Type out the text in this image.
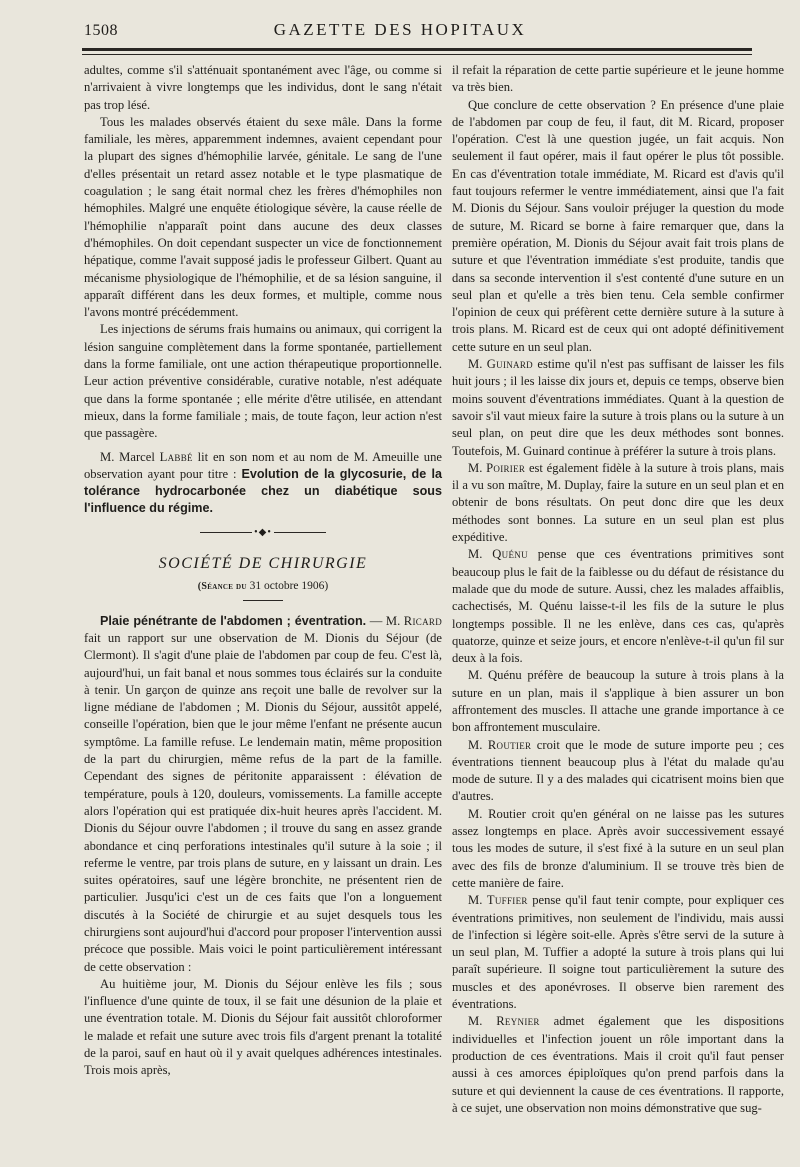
1508	GAZETTE DES HOPITAUX

adultes, comme s'il s'atténuait spontanément avec l'âge, ou comme si n'arrivaient à vivre longtemps que les individus, dont le sang n'était pas trop lésé.

Tous les malades observés étaient du sexe mâle. Dans la forme familiale, les mères, apparemment indemnes, avaient cependant pour la plupart des signes d'hémophilie larvée, génitale. Le sang de l'une d'elles présentait un retard assez notable et le type plasmatique de coagulation ; le sang était normal chez les frères d'hémophiles non hémophiles. Malgré une enquête étiologique sévère, la cause réelle de l'hémophilie n'apparaît point dans aucune des deux classes d'hémophiles. On doit cependant suspecter un vice de fonctionnement hépatique, comme l'avait supposé jadis le professeur Gilbert. Quant au mécanisme physiologique de l'hémophilie, et de sa lésion sanguine, il apparaît différent dans les deux formes, et multiple, comme nous l'avons montré précédemment.

Les injections de sérums frais humains ou animaux, qui corrigent la lésion sanguine complètement dans la forme spontanée, partiellement dans la forme familiale, ont une action thérapeutique proportionnelle. Leur action préventive considérable, curative notable, n'est adéquate que dans la forme spontanée ; elle mérite d'être utilisée, en attendant mieux, dans la forme familiale ; mais, de toute façon, leur action n'est que passagère.

M. Marcel Labbé lit en son nom et au nom de M. Ameuille une observation ayant pour titre : Evolution de la glycosurie, de la tolérance hydrocarbonée chez un diabétique sous l'influence du régime.

•◆•
SOCIÉTÉ DE CHIRURGIE
(Séance du 31 octobre 1906)

Plaie pénétrante de l'abdomen ; éventration. — M. Ricard fait un rapport sur une observation de M. Dionis du Séjour (de Clermont). Il s'agit d'une plaie de l'abdomen par coup de feu. C'est là, aujourd'hui, un fait banal et nous sommes tous éclairés sur la conduite à tenir. Un garçon de quinze ans reçoit une balle de revolver sur la ligne médiane de l'abdomen ; M. Dionis du Séjour, aussitôt appelé, conseille l'opération, bien que le jour même l'enfant ne présente aucun symptôme. La famille refuse. Le lendemain matin, même proposition de la part du chirurgien, même refus de la part de la famille. Cependant des signes de péritonite apparaissent : élévation de température, pouls à 120, douleurs, vomissements. La famille accepte alors l'opération qui est pratiquée dix-huit heures après l'accident. M. Dionis du Séjour ouvre l'abdomen ; il trouve du sang en assez grande abondance et cinq perforations intestinales qu'il suture à la soie ; il referme le ventre, par trois plans de suture, en y laissant un drain. Les suites opératoires, sauf une légère bronchite, ne présentent rien de particulier. Jusqu'ici c'est un de ces faits que l'on a longuement discutés à la Société de chirurgie et au sujet desquels tous les chirurgiens sont aujourd'hui d'accord pour proposer l'intervention aussi précoce que possible. Mais voici le point particulièrement intéressant de cette observation :

Au huitième jour, M. Dionis du Séjour enlève les fils ; sous l'influence d'une quinte de toux, il se fait une désunion de la plaie et une éventration totale. M. Dionis du Séjour fait aussitôt chloroformer le malade et refait une suture avec trois fils d'argent prenant la totalité de la paroi, sauf en haut où il y avait quelques adhérences intestinales. Trois mois après,

il refait la réparation de cette partie supérieure et le jeune homme va très bien.

Que conclure de cette observation ? En présence d'une plaie de l'abdomen par coup de feu, il faut, dit M. Ricard, proposer l'opération. C'est là une question jugée, un fait acquis. Non seulement il faut opérer, mais il faut opérer le plus tôt possible. En cas d'éventration totale immédiate, M. Ricard est d'avis qu'il faut toujours refermer le ventre immédiatement, ainsi que l'a fait M. Dionis du Séjour. Sans vouloir préjuger la question du mode de suture, M. Ricard se borne à faire remarquer que, dans la première opération, M. Dionis du Séjour avait fait trois plans de suture et que l'éventration immédiate s'est produite, tandis que dans sa seconde intervention il s'est contenté d'une suture en un seul plan et qu'elle a très bien tenu. Cela semble confirmer l'opinion de ceux qui préfèrent cette dernière suture à la suture à trois plans. M. Ricard est de ceux qui ont adopté définitivement cette suture en un seul plan.

M. Guinard estime qu'il n'est pas suffisant de laisser les fils huit jours ; il les laisse dix jours et, depuis ce temps, observe bien moins souvent d'éventrations immédiates. Quant à la question de savoir s'il vaut mieux faire la suture à trois plans ou la suture à un seul plan, on peut dire que les deux méthodes sont bonnes. Toutefois, M. Guinard continue à préférer la suture à trois plans.

M. Poirier est également fidèle à la suture à trois plans, mais il a vu son maître, M. Duplay, faire la suture en un seul plan et en obtenir de bons résultats. On peut donc dire que les deux méthodes sont bonnes. La suture en un seul plan est plus expéditive.

M. Quénu pense que ces éventrations primitives sont beaucoup plus le fait de la faiblesse ou du défaut de résistance du malade que du mode de suture. Aussi, chez les malades affaiblis, cachectisés, M. Quénu laisse-t-il les fils de la suture le plus longtemps possible. Il ne les enlève, dans ces cas, qu'après quatorze, quinze et seize jours, et encore n'enlève-t-il qu'un fil sur deux à la fois.

M. Quénu préfère de beaucoup la suture à trois plans à la suture en un plan, mais il s'applique à bien assurer un bon affrontement des muscles. Il attache une grande importance à ce bon affrontement musculaire.

M. Routier croit que le mode de suture importe peu ; ces éventrations tiennent beaucoup plus à l'état du malade qu'au mode de suture. Il y a des malades qui cicatrisent moins bien que d'autres.

M. Routier croit qu'en général on ne laisse pas les sutures assez longtemps en place. Après avoir successivement essayé tous les modes de suture, il s'est fixé à la suture en un seul plan avec des fils de bronze d'aluminium. Il se trouve très bien de cette manière de faire.

M. Tuffier pense qu'il faut tenir compte, pour expliquer ces éventrations primitives, non seulement de l'individu, mais aussi de l'infection si légère soit-elle. Après s'être servi de la suture à un seul plan, M. Tuffier a adopté la suture à trois plans qui lui paraît supérieure. Il soigne tout particulièrement la suture des muscles et des aponévroses. Il observe bien rarement des éventrations.

M. Reynier admet également que les dispositions individuelles et l'infection jouent un rôle important dans la production de ces éventrations. Mais il croit qu'il faut penser aussi à ces amorces épiploïques qu'on prend parfois dans la suture et qui deviennent la cause de ces éventrations. Il rapporte, à ce sujet, une observation non moins démonstrative que sug-
